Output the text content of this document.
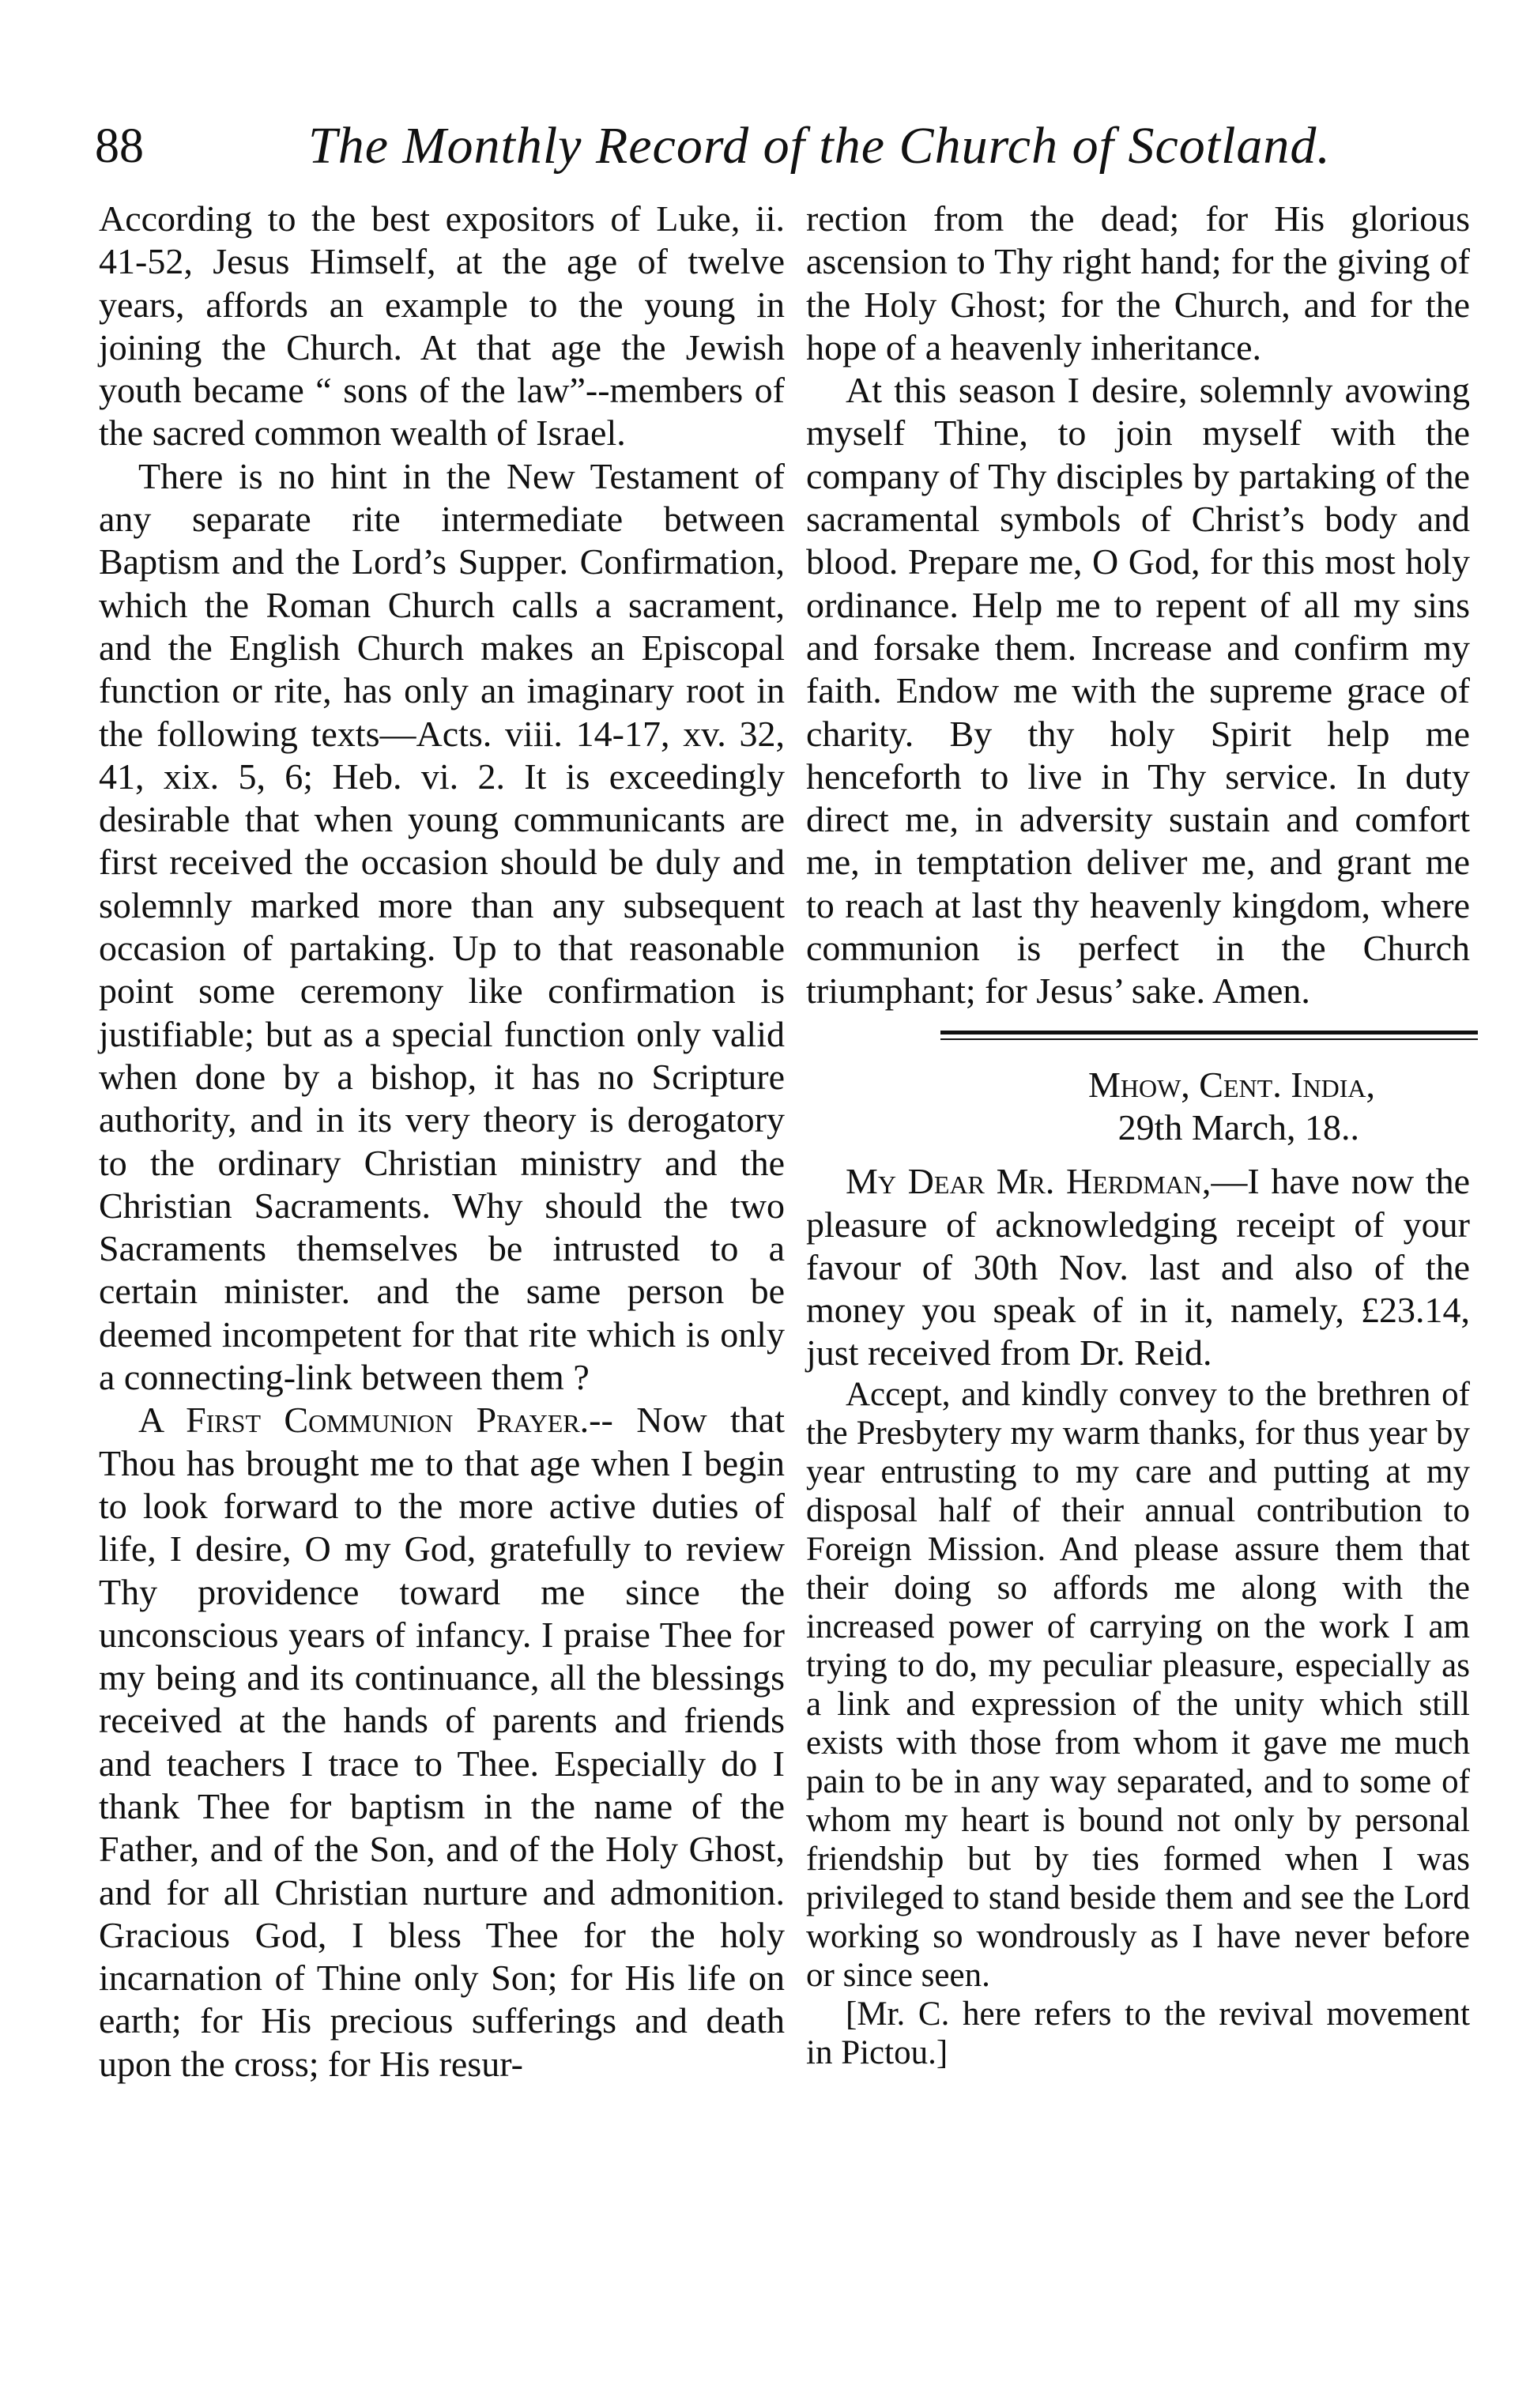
88	The Monthly Record of the Church of Scotland.

According to the best expositors of Luke, ii. 41-52, Jesus Himself, at the age of twelve years, affords an example to the young in joining the Church. At that age the Jewish youth became “ sons of the law”--members of the sacred common wealth of Israel.

There is no hint in the New Testament of any separate rite intermediate between Baptism and the Lord’s Supper. Confirmation, which the Roman Church calls a sacrament, and the English Church makes an Episcopal function or rite, has only an imaginary root in the following texts—Acts. viii. 14-17, xv. 32, 41, xix. 5, 6; Heb. vi. 2. It is exceedingly desirable that when young communicants are first received the occasion should be duly and solemnly marked more than any subsequent occasion of partaking. Up to that reasonable point some ceremony like confirmation is justifiable; but as a special function only valid when done by a bishop, it has no Scripture authority, and in its very theory is derogatory to the ordinary Christian ministry and the Christian Sacraments. Why should the two Sacraments themselves be intrusted to a certain minister. and the same person be deemed incompetent for that rite which is only a connecting-link between them ?

A First Communion Prayer.-- Now that Thou has brought me to that age when I begin to look forward to the more active duties of life, I desire, O my God, gratefully to review Thy providence toward me since the unconscious years of infancy. I praise Thee for my being and its continuance, all the blessings received at the hands of parents and friends and teachers I trace to Thee. Especially do I thank Thee for baptism in the name of the Father, and of the Son, and of the Holy Ghost, and for all Christian nurture and admonition. Gracious God, I bless Thee for the holy incarnation of Thine only Son; for His life on earth; for His precious sufferings and death upon the cross; for His resur-

rection from the dead; for His glorious ascension to Thy right hand; for the giving of the Holy Ghost; for the Church, and for the hope of a heavenly inheritance.

At this season I desire, solemnly avowing myself Thine, to join myself with the company of Thy disciples by partaking of the sacramental symbols of Christ’s body and blood. Prepare me, O God, for this most holy ordinance. Help me to repent of all my sins and forsake them. Increase and confirm my faith. Endow me with the supreme grace of charity. By thy holy Spirit help me henceforth to live in Thy service. In duty direct me, in adversity sustain and comfort me, in temptation deliver me, and grant me to reach at last thy heavenly kingdom, where communion is perfect in the Church triumphant; for Jesus’ sake. Amen.

Mhow, Cent. India,

29th March, 18..

My Dear Mr. Herdman,—I have now the pleasure of acknowledging receipt of your favour of 30th Nov. last and also of the money you speak of in it, namely, £23.14, just received from Dr. Reid.

Accept, and kindly convey to the brethren of the Presbytery my warm thanks, for thus year by year entrusting to my care and putting at my disposal half of their annual contribution to Foreign Mission. And please assure them that their doing so affords me along with the increased power of carrying on the work I am trying to do, my peculiar pleasure, especially as a link and expression of the unity which still exists with those from whom it gave me much pain to be in any way separated, and to some of whom my heart is bound not only by personal friendship but by ties formed when I was privileged to stand beside them and see the Lord working so wondrously as I have never before or since seen.

[Mr. C. here refers to the revival movement in Pictou.]
